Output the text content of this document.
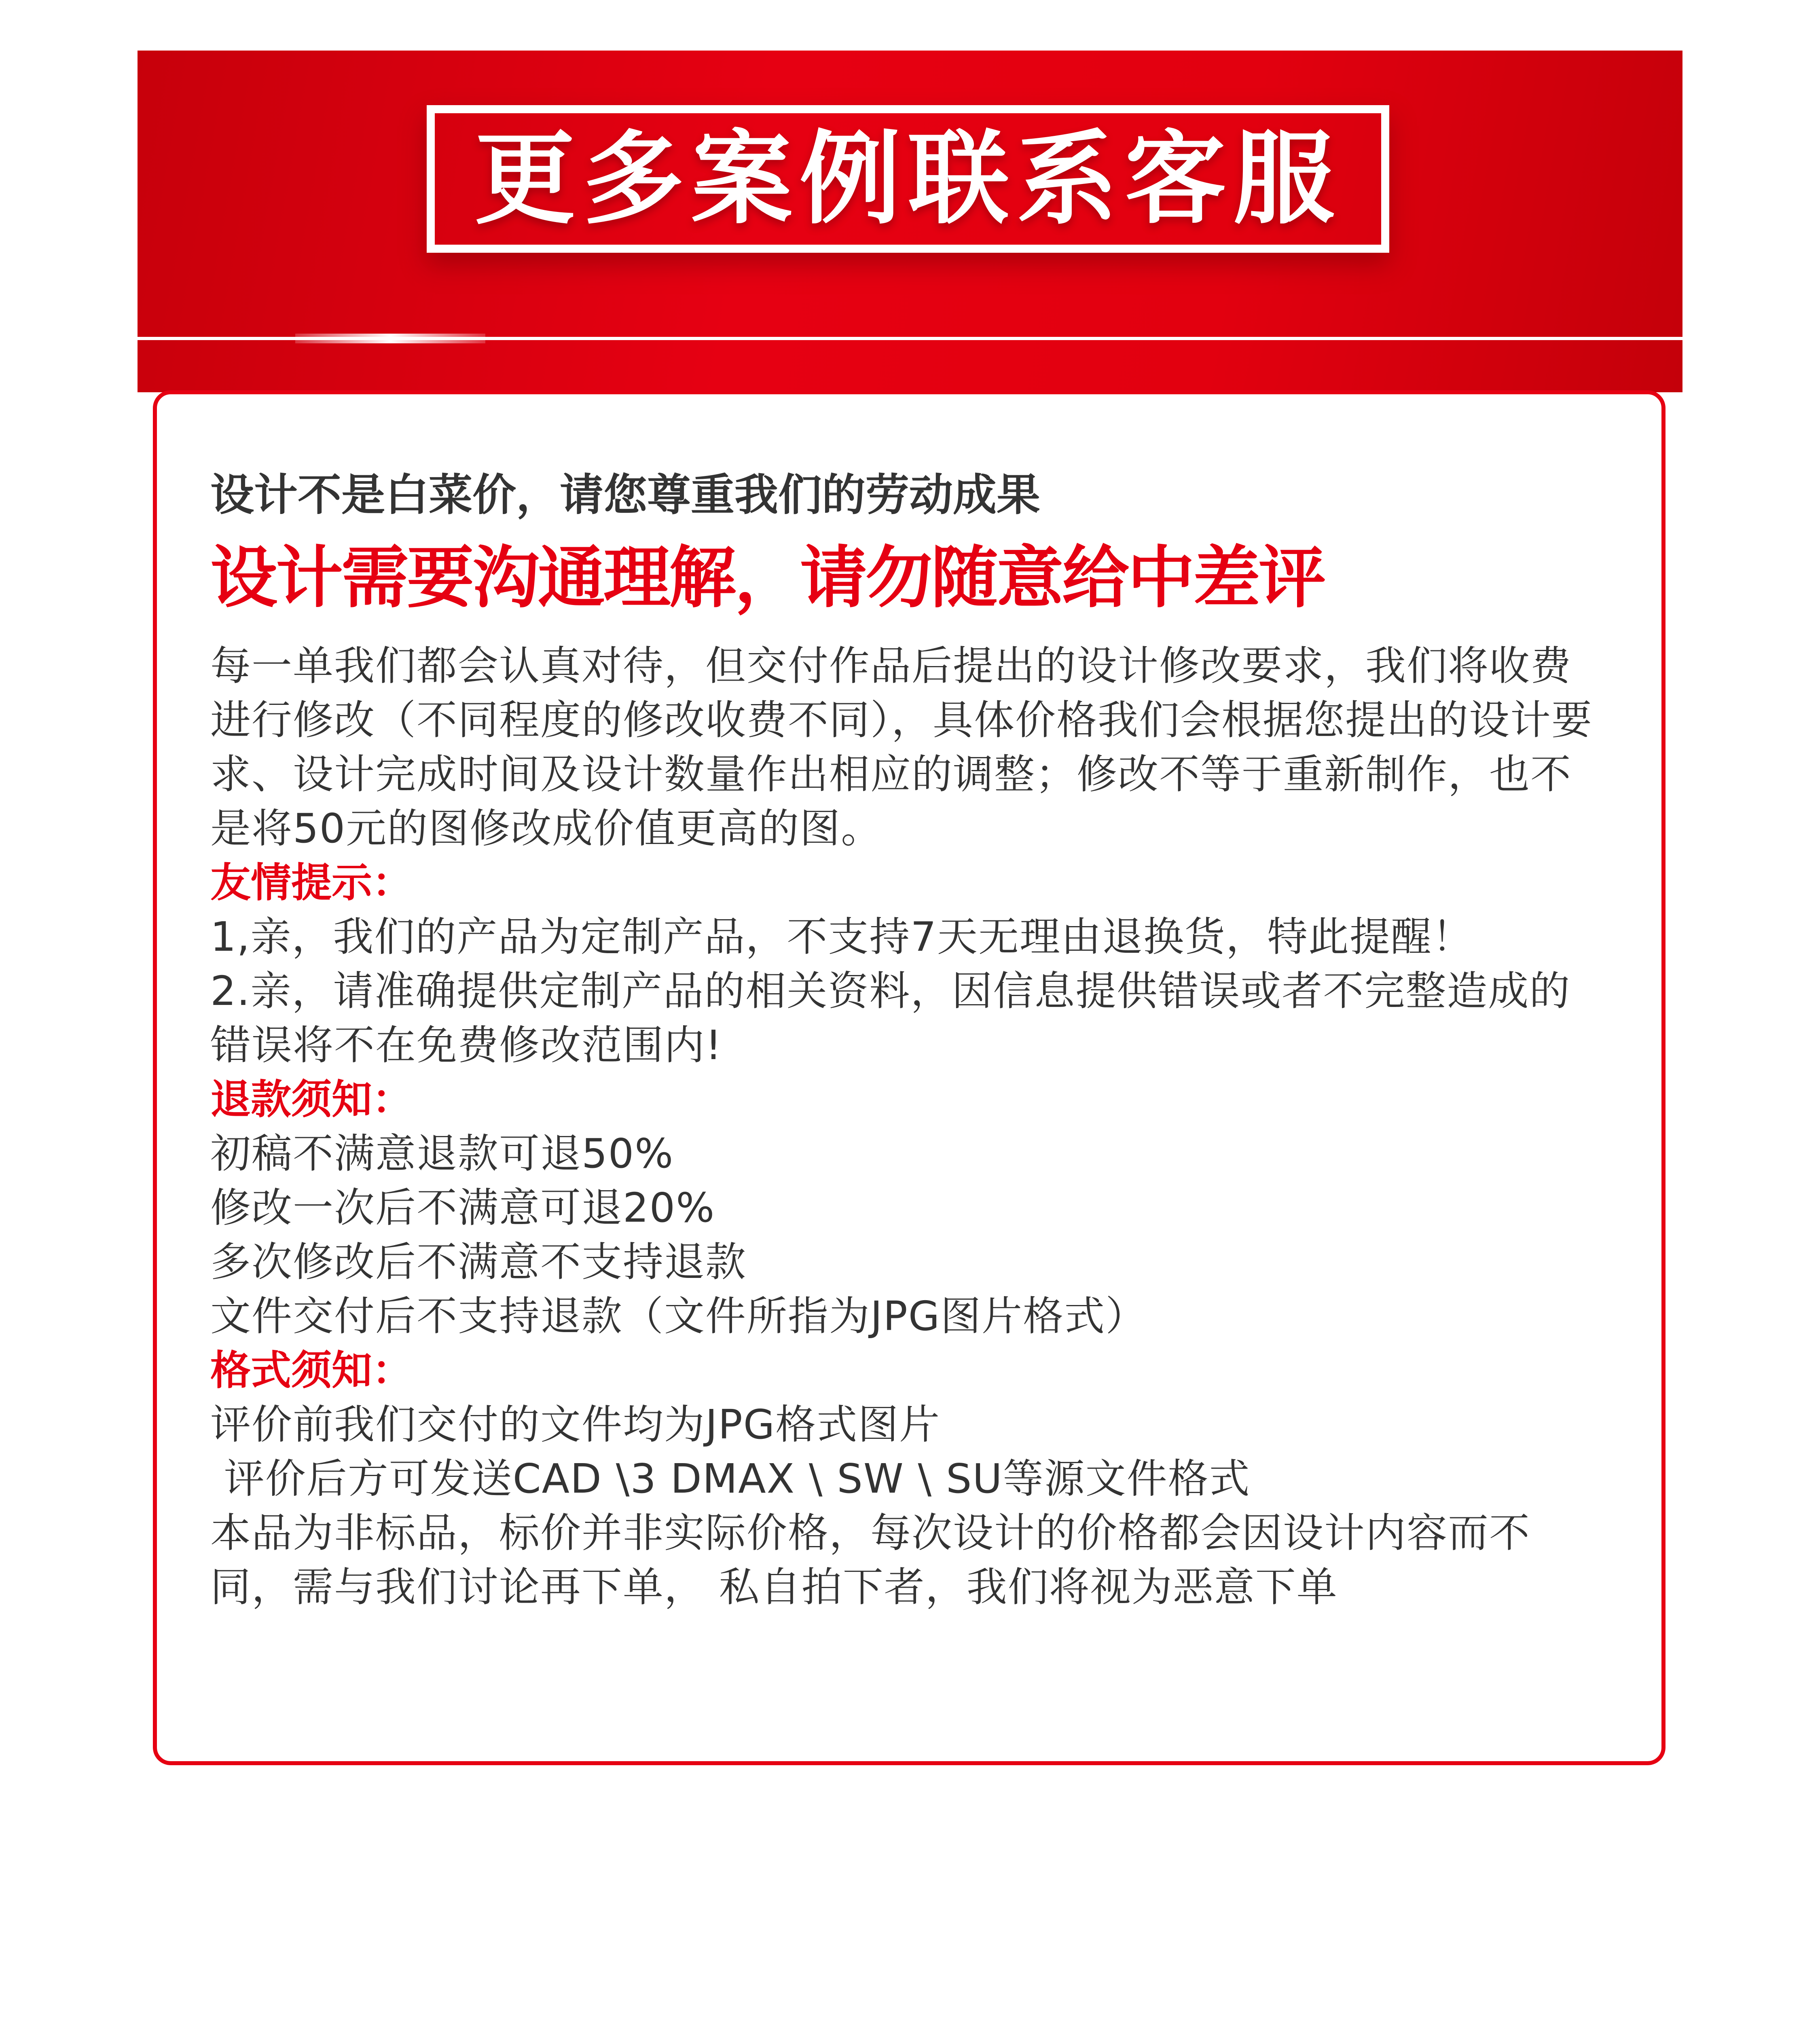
更多案例联系客服

设计不是白菜价，请您尊重我们的劳动成果

设计需要沟通理解，请勿随意给中差评

每一单我们都会认真对待，但交付作品后提出的设计修改要求，我们将收费进行修改（不同程度的修改收费不同），具体价格我们会根据您提出的设计要求、设计完成时间及设计数量作出相应的调整；修改不等于重新制作，也不是将50元的图修改成价值更高的图。

友情提示：

1,亲，我们的产品为定制产品，不支持7天无理由退换货，特此提醒！

2.亲，请准确提供定制产品的相关资料，因信息提供错误或者不完整造成的错误将不在免费修改范围内!

退款须知：

初稿不满意退款可退50%

修改一次后不满意可退20%

多次修改后不满意不支持退款

文件交付后不支持退款（文件所指为JPG图片格式）

格式须知：

评价前我们交付的文件均为JPG格式图片

评价后方可发送CAD \3 DMAX \ SW \ SU等源文件格式

本品为非标品，标价并非实际价格，每次设计的价格都会因设计内容而不同，需与我们讨论再下单， 私自拍下者，我们将视为恶意下单
